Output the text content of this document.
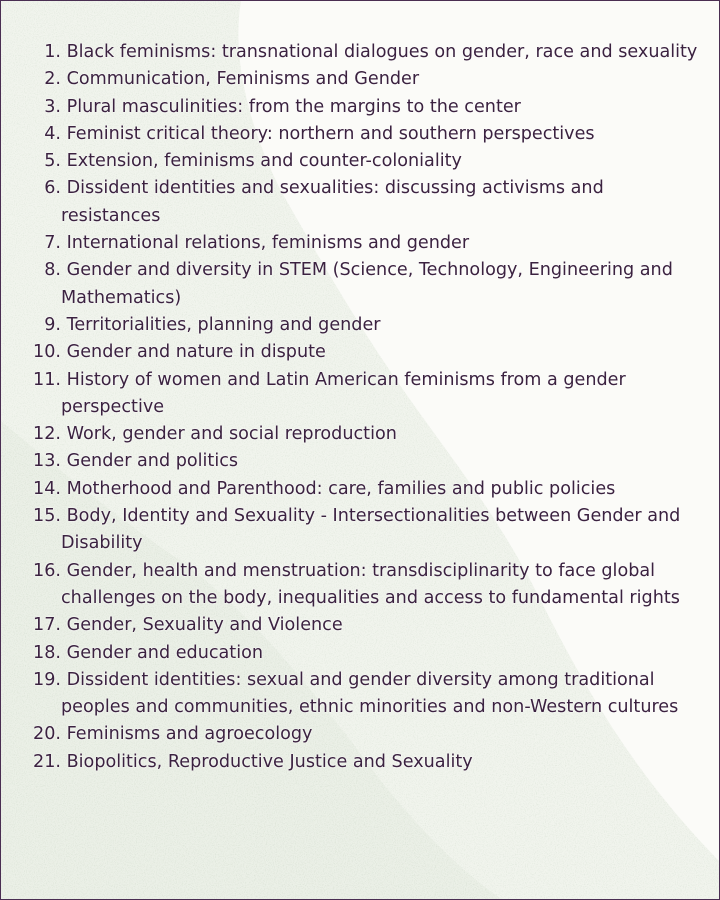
1. Black feminisms: transnational dialogues on gender, race and sexuality
2. Communication, Feminisms and Gender
3. Plural masculinities: from the margins to the center
4. Feminist critical theory: northern and southern perspectives
5. Extension, feminisms and counter-coloniality
6. Dissident identities and sexualities: discussing activisms and resistances
7. International relations, feminisms and gender
8. Gender and diversity in STEM (Science, Technology, Engineering and Mathematics)
9. Territorialities, planning and gender
10. Gender and nature in dispute
11. History of women and Latin American feminisms from a gender perspective
12. Work, gender and social reproduction
13. Gender and politics
14. Motherhood and Parenthood: care, families and public policies
15. Body, Identity and Sexuality - Intersectionalities between Gender and Disability
16. Gender, health and menstruation: transdisciplinarity to face global challenges on the body, inequalities and access to fundamental rights
17. Gender, Sexuality and Violence
18. Gender and education
19. Dissident identities: sexual and gender diversity among traditional peoples and communities, ethnic minorities and non-Western cultures
20. Feminisms and agroecology
21. Biopolitics, Reproductive Justice and Sexuality
